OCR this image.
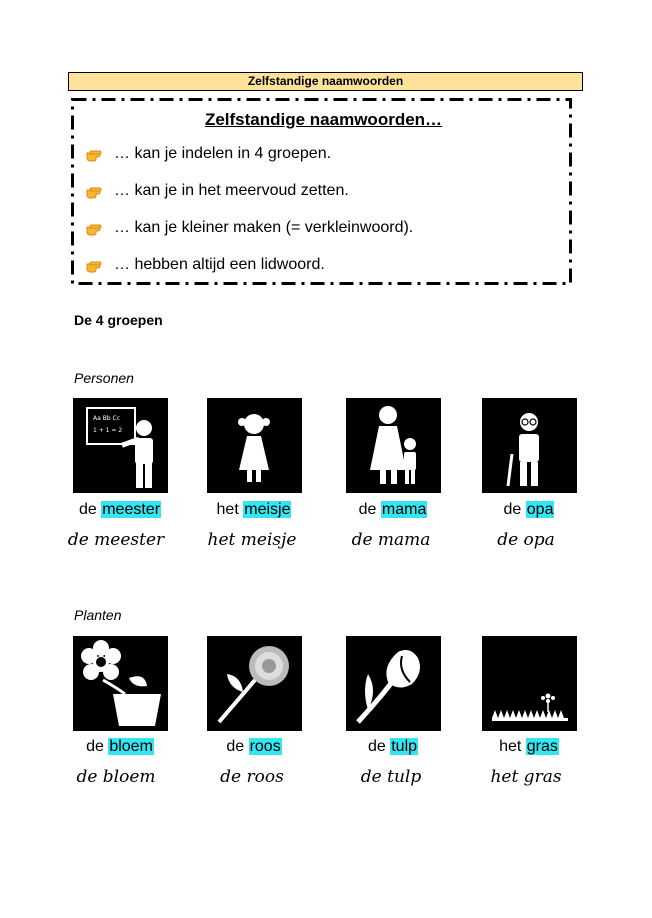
Zelfstandige naamwoorden
Zelfstandige naamwoorden…
… kan je indelen in 4 groepen.
… kan je in het meervoud zetten.
… kan je kleiner maken (= verkleinwoord).
… hebben altijd een lidwoord.
De 4 groepen
Personen
Aa Bb Cc
1 + 1 = 2
de meester	het meisje	de mama	de opa
de meester	het meisje	de mama	de opa
Planten
de bloem	de roos	de tulp	het gras
de bloem	de roos	de tulp	het gras
